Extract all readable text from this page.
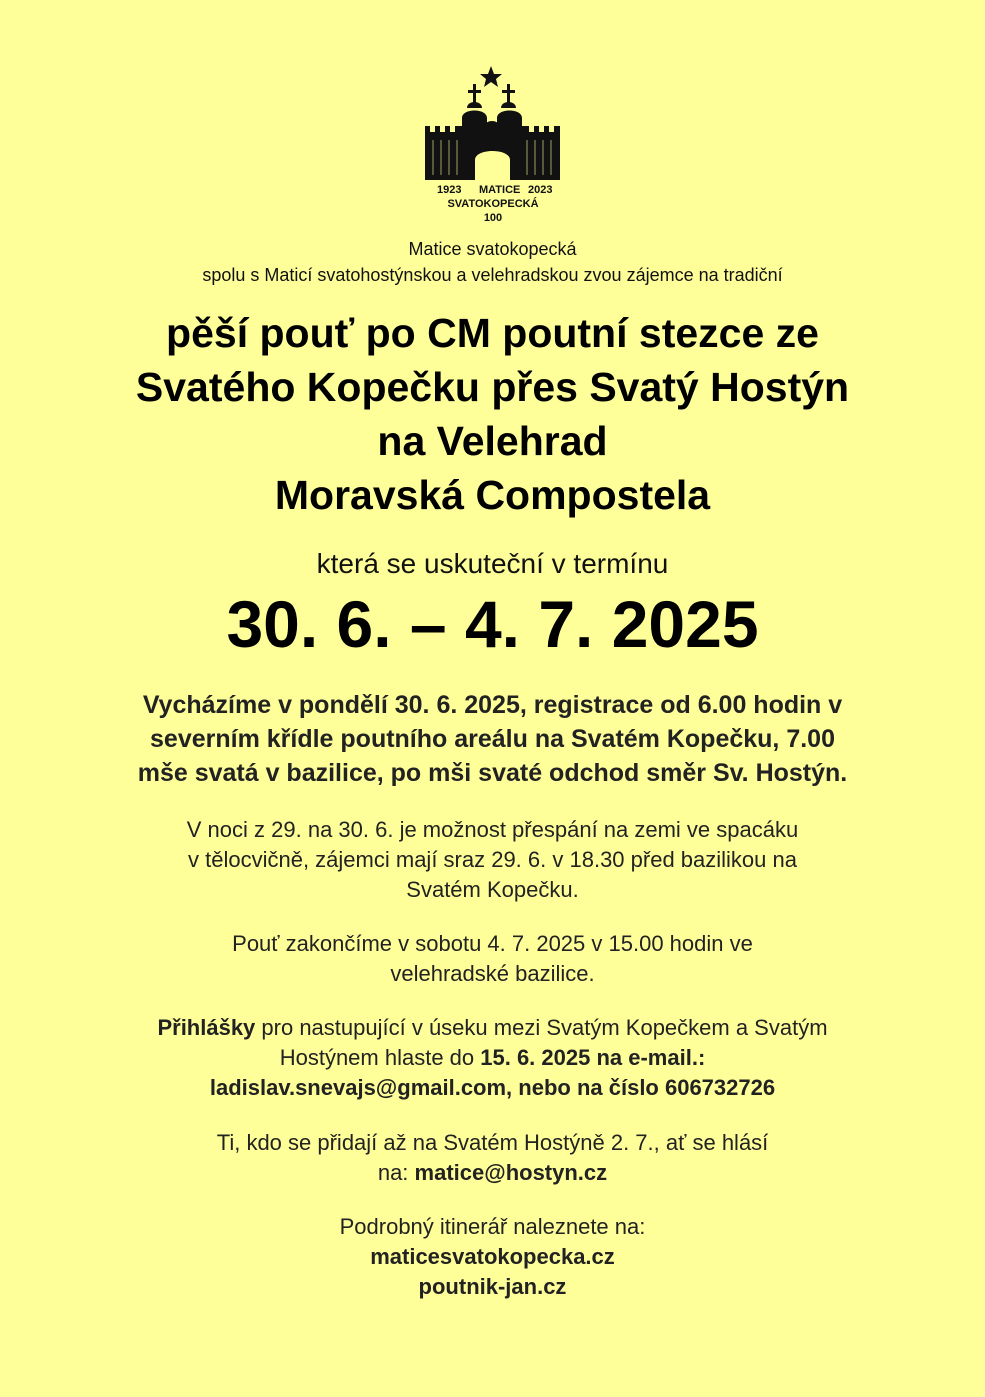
1923 MATICE 2023
SVATOKOPECKÁ
100
Matice svatokopecká
spolu s Maticí svatohostýnskou a velehradskou zvou zájemce na tradiční
pěší pouť po CM poutní stezce ze
Svatého Kopečku přes Svatý Hostýn
na Velehrad
Moravská Compostela
která se uskuteční v termínu
30. 6. – 4. 7. 2025
Vycházíme v pondělí 30. 6. 2025, registrace od 6.00 hodin v
severním křídle poutního areálu na Svatém Kopečku, 7.00
mše svatá v bazilice, po mši svaté odchod směr Sv. Hostýn.
V noci z 29. na 30. 6. je možnost přespání na zemi ve spacáku
v tělocvičně, zájemci mají sraz 29. 6. v 18.30 před bazilikou na
Svatém Kopečku.
Pouť zakončíme v sobotu 4. 7. 2025 v 15.00 hodin ve
velehradské bazilice.
Přihlášky pro nastupující v úseku mezi Svatým Kopečkem a Svatým
Hostýnem hlaste do 15. 6. 2025 na e-mail.:
ladislav.snevajs@gmail.com, nebo na číslo 606732726
Ti, kdo se přidají až na Svatém Hostýně 2. 7., ať se hlásí
na: matice@hostyn.cz
Podrobný itinerář naleznete na:
maticesvatokopecka.cz
poutnik-jan.cz
